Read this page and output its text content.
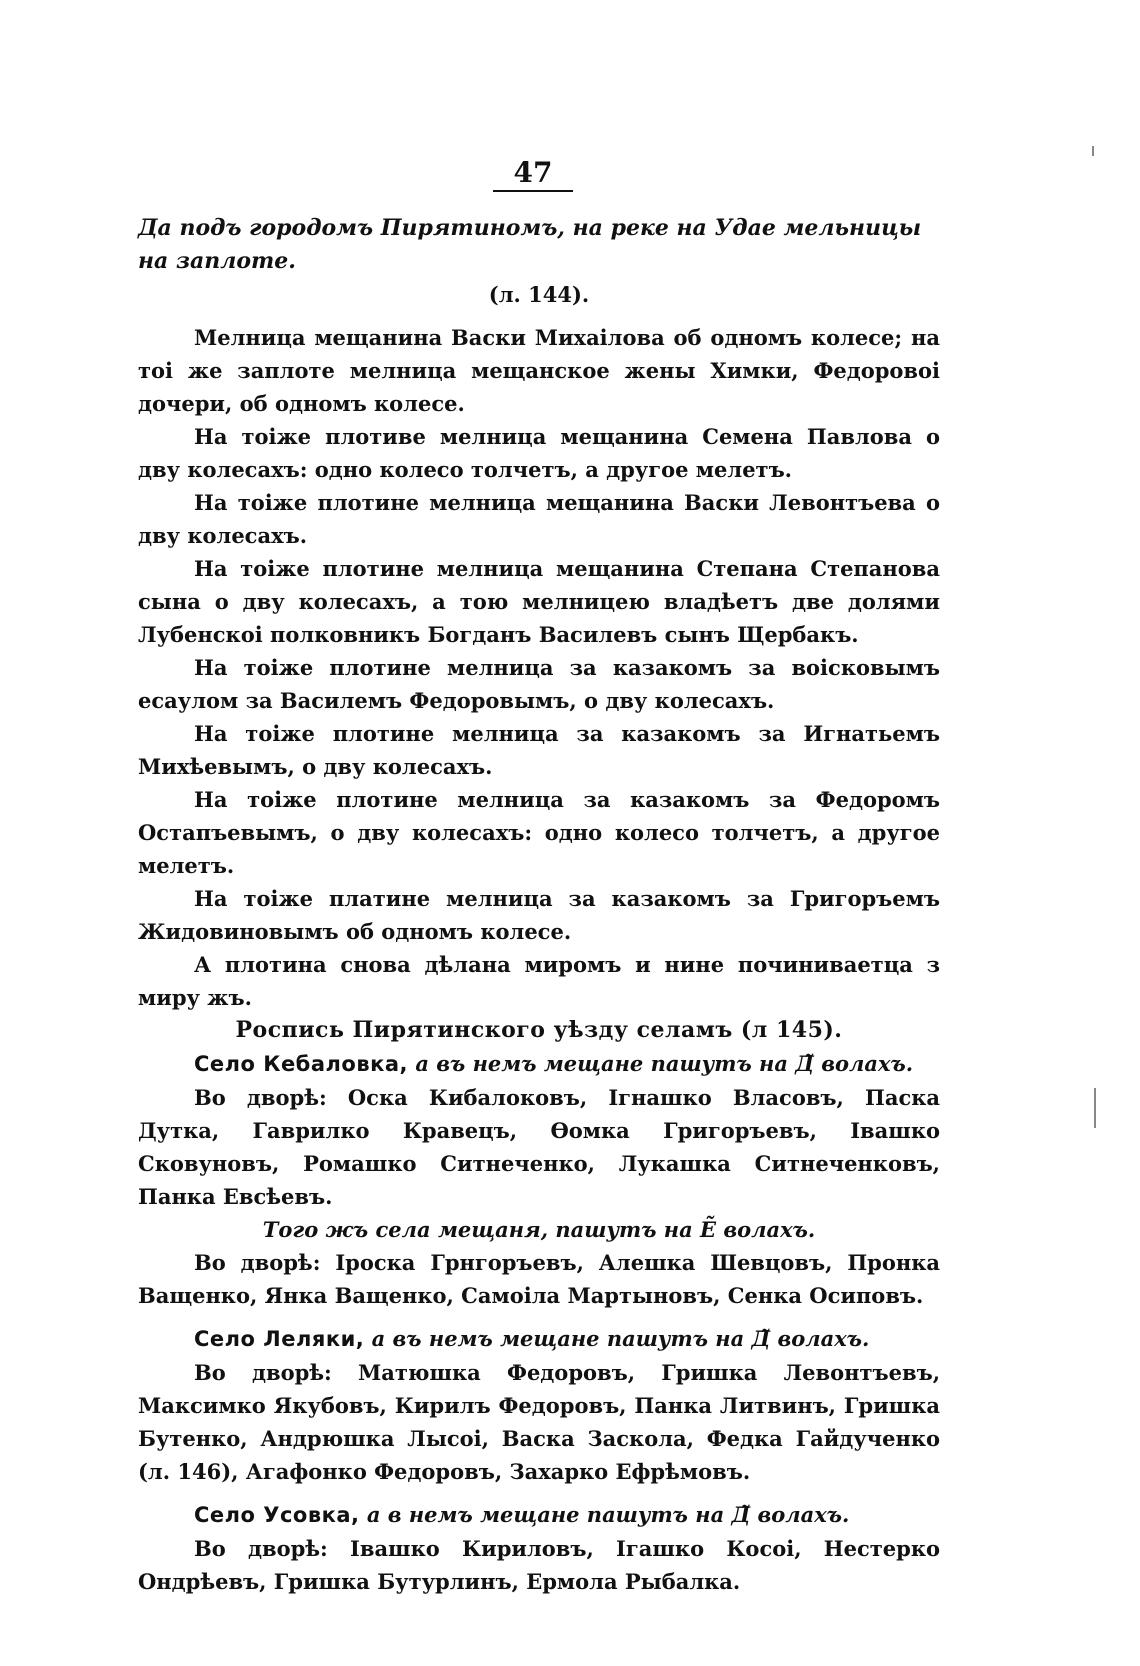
47

Да подъ городомъ Пирятиномъ, на реке на Удае мельницы на заплоте.

(л. 144).

Мелница мещанина Васки Михаiлова об одномъ колесе; на тоi же заплоте мелница мещанское жены Химки, Федоровоi дочери, об одномъ колесе.

На тоiже плотиве мелница мещанина Семена Павлова о дву колесахъ: одно колесо толчетъ, а другое мелетъ.

На тоiже плотине мелница мещанина Васки Левонтъева о дву колесахъ.

На тоiже плотине мелница мещанина Степана Степанова сына о дву колесахъ, а тою мелницею владѣетъ две долями Лубенскоi полковникъ Богданъ Василевъ сынъ Щербакъ.

На тоiже плотине мелница за казакомъ за воiсковымъ есаулом за Василемъ Федоровымъ, о дву колесахъ.

На тоiже плотине мелница за казакомъ за Игнатьемъ Михѣевымъ, о дву колесахъ.

На тоiже плотине мелница за казакомъ за Федоромъ Остапъевымъ, о дву колесахъ: одно колесо толчетъ, а другое мелетъ.

На тоiже платине мелница за казакомъ за Григоръемъ Жидовиновымъ об одномъ колесе.

А плотина снова дѣлана миромъ и нине починиваетца з миру жъ.

Роспись Пирятинского уѣзду селамъ (л 145).

Село Кебаловка, а въ немъ мещане пашутъ на Д̃ волахъ.

Во дворѣ: Оска Кибалоковъ, Iгнашко Власовъ, Паска Дутка, Гаврилко Кравецъ, Ѳомка Григоръевъ, Iвашко Сковуновъ, Ромашко Ситнеченко, Лукашка Ситнеченковъ, Панка Евсѣевъ.

Того жъ села мещаня, пашутъ на Е̃ волахъ.

Во дворѣ: Iроска Грнгоръевъ, Алешка Шевцовъ, Пронка Ващенко, Янка Ващенко, Самоiла Мартыновъ, Сенка Осиповъ.

Село Леляки, а въ немъ мещане пашутъ на Д̃ волахъ.

Во дворѣ: Матюшка Федоровъ, Гришка Левонтъевъ, Максимко Якубовъ, Кирилъ Федоровъ, Панка Литвинъ, Гришка Бутенко, Андрюшка Лысоi, Васка Заскола, Федка Гайдученко (л. 146), Агафонко Федоровъ, Захарко Ефрѣмовъ.

Село Усовка, а в немъ мещане пашутъ на Д̃ волахъ.

Во дворѣ: Iвашко Кириловъ, Iгашко Косоi, Нестерко Ондрѣевъ, Гришка Бутурлинъ, Ермола Рыбалка.
